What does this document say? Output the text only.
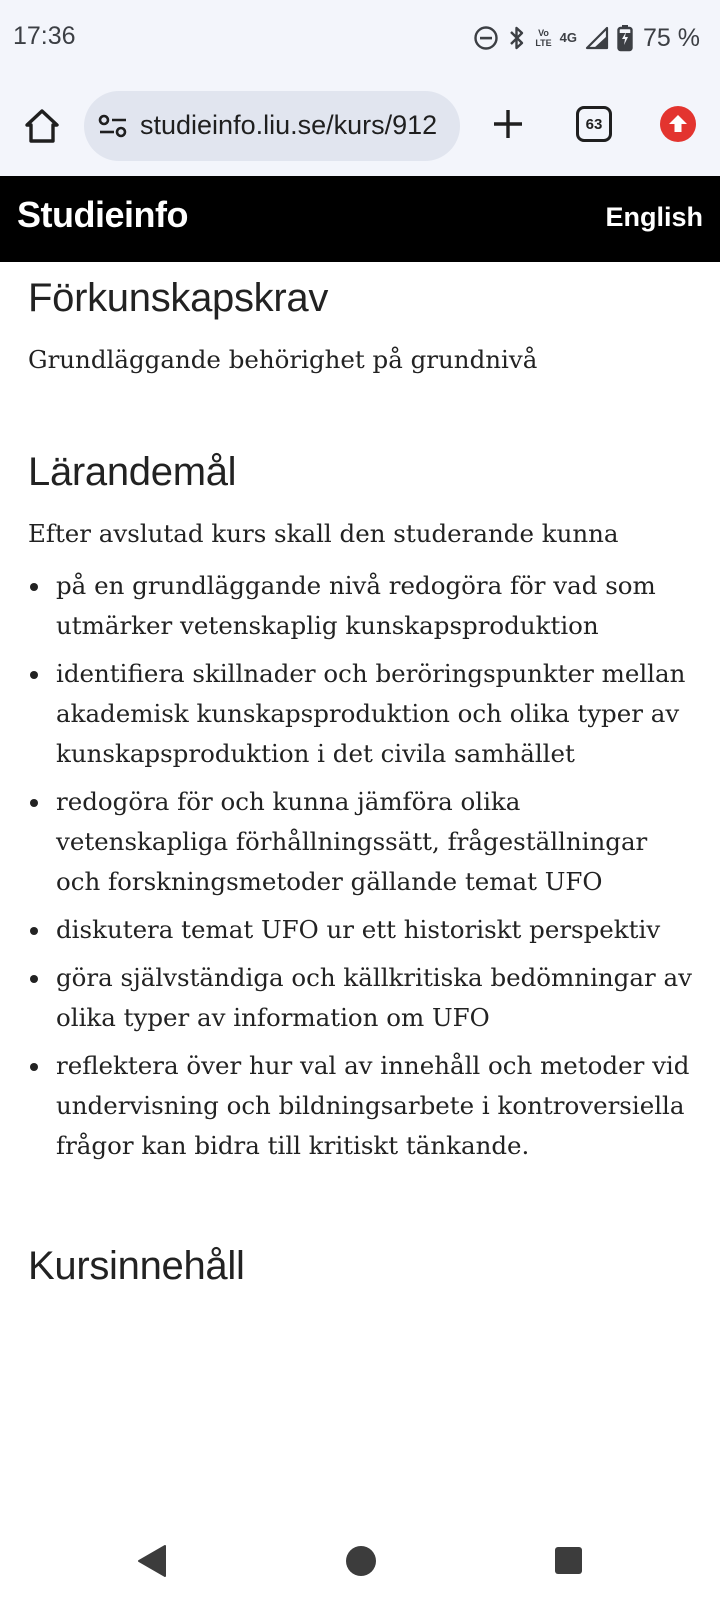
17:36	Vo
LTE 4G	75 %
studieinfo.liu.se/kurs/912	63
Studieinfo	English
Förkunskapskrav

Grundläggande behörighet på grundnivå

Lärandemål

Efter avslutad kurs skall den studerande kunna

på en grundläggande nivå redogöra för vad som utmärker vetenskaplig kunskapsproduktion
identifiera skillnader och beröringspunkter mellan akademisk kunskapsproduktion och olika typer av kunskapsproduktion i det civila samhället
redogöra för och kunna jämföra olika vetenskapliga förhållningssätt, frågeställningar och forskningsmetoder gällande temat UFO
diskutera temat UFO ur ett historiskt perspektiv
göra självständiga och källkritiska bedömningar av olika typer av information om UFO
reflektera över hur val av innehåll och metoder vid undervisning och bildningsarbete i kontroversiella frågor kan bidra till kritiskt tänkande.
Kursinnehåll
